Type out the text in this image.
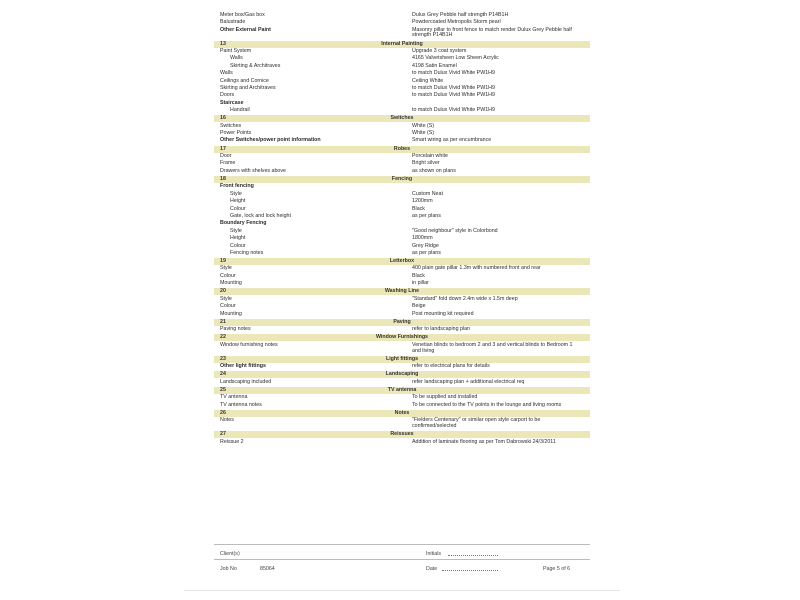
Meter box/Gas box	Dulux Grey Pebble half strength P14B1H
Balustrade	Powdercoated Metropolis Storm pearl
Other External Paint	Masonry pillar to front fence to match render Dulux Grey Pebble half strength P14B1H
13	Internal Painting
Paint System	Upgrade 3 coat system
Walls	4165 Valvetsheen Low Sheen Acrylic
Skirting & Architraves	4198 Satin Enamel
Walls	to match Dulux Vivid White PW1H9
Ceilings and Cornice	Ceiling White
Skirting and Architraves	to match Dulux Vivid White PW1H9
Doors	to match Dulux Vivid White PW1H9
Staircase
Handrail	to match Dulux Vivid White PW1H9
16	Switches
Switches	White (S)
Power Points	White (S)
Other Switches/power point information	Smart wiring as per encumbrance
17	Robes
Door	Porcelain white
Frame	Bright silver
Drawers with shelves above	as shown on plans
18	Fencing
Front fencing
Style	Custom Neat
Height	1200mm
Colour	Black
Gate, lock and lock height	as per plans
Boundary Fencing
Style	"Good neighbour" style in Colorbond
Height	1800mm
Colour	Grey Ridge
Fencing notes	as per plans
19	Letterbox
Style	400 plain gate pillar 1.3m with numbered front and rear
Colour	Black
Mounting	in pillar
20	Washing Line
Style	"Standard" fold down 2.4m wide x 1.5m deep
Colour	Beige
Mounting	Post mounting kit required
21	Paving
Paving notes	refer to landscaping plan
22	Window Furnishings
Window furnishing notes	Venetian blinds to bedroom 2 and 3 and vertical blinds to Bedroom 1 and living
23	Light fittings
Other light fittings	refer to electrical plans for details
24	Landscaping
Landscaping included	refer landscaping plan + additional electrical req
25	TV antenna
TV antenna	To be supplied and installed
TV antenna notes	To be connected to the TV points in the lounge and living rooms
26	Notes
Notes	"Fielders Centenary" or similar open style carport to be confirmed/selected
27	Reissues
Reissue 2	Addition of laminate flooring as per Tom Dabrowski 24/3/2011
Client(s)	Initials
Job No	85064	Date	Page 5 of 6
